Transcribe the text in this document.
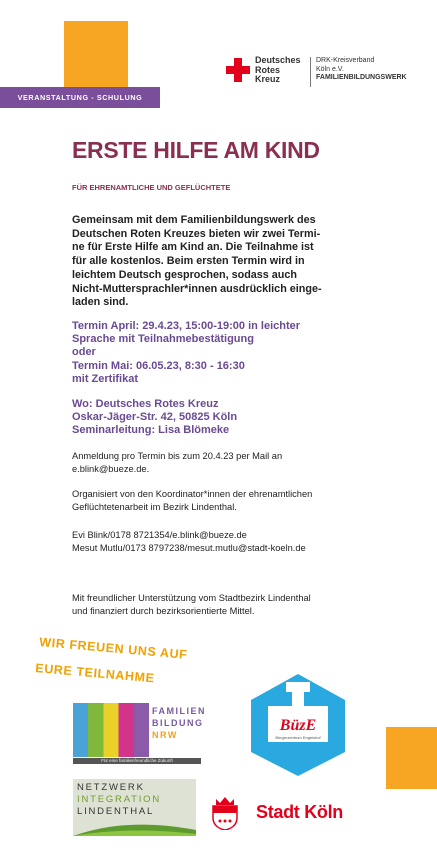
VERANSTALTUNG - SCHULUNG
Deutsches
Rotes
Kreuz
DRK-Kreisverband
Köln e.V.
FAMILIENBILDUNGSWERK
ERSTE HILFE AM KIND
FÜR EHRENAMTLICHE UND GEFLÜCHTETE
Gemeinsam mit dem Familienbildungswerk des
Deutschen Roten Kreuzes bieten wir zwei Termi-
ne für Erste Hilfe am Kind an. Die Teilnahme ist
für alle kostenlos. Beim ersten Termin wird in
leichtem Deutsch gesprochen, sodass auch
Nicht-Muttersprachler*innen ausdrücklich einge-
laden sind.
Termin April: 29.4.23, 15:00-19:00 in leichter
Sprache mit Teilnahmebestätigung
oder
Termin Mai: 06.05.23, 8:30 - 16:30
mit Zertifikat
Wo: Deutsches Rotes Kreuz
Oskar-Jäger-Str. 42, 50825 Köln
Seminarleitung: Lisa Blömeke
Anmeldung pro Termin bis zum 20.4.23 per Mail an
e.blink@bueze.de.
Organisiert von den Koordinator*innen der ehrenamtlichen
Geflüchtetenarbeit im Bezirk Lindenthal.
Evi Blink/0178 8721354/e.blink@bueze.de
Mesut Mutlu/0173 8797238/mesut.mutlu@stadt-koeln.de
Mit freundlicher Unterstützung vom Stadtbezirk Lindenthal
und finanziert durch bezirksorientierte Mittel.
WIR FREUEN UNS AUF
EURE TEILNAHME
FAMILIEN
BILDUNG
NRW
Für eine familienfreundliche Zukunft
BüzE
Bürgerzentrum Engelshof
NETZWERK
INTEGRATION
LINDENTHAL	Stadt Köln
